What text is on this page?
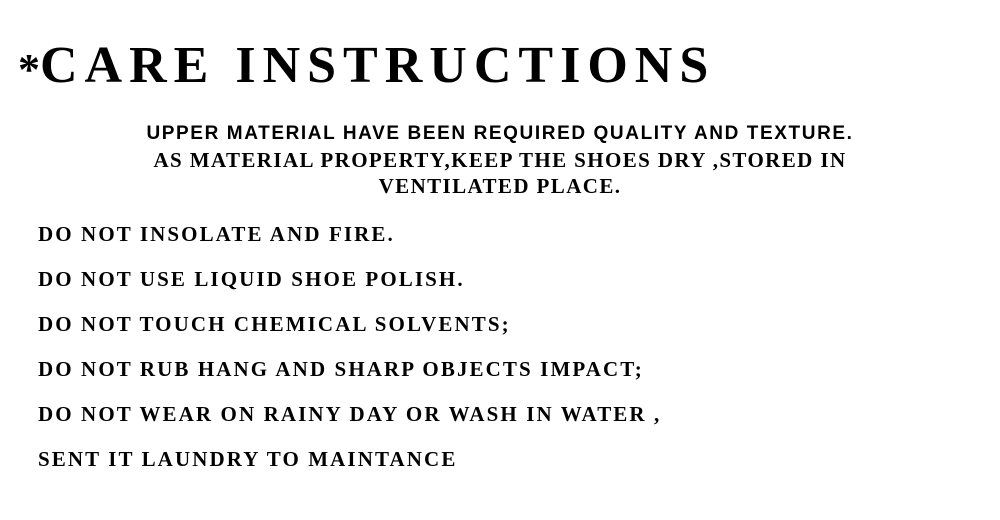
*CARE INSTRUCTIONS
UPPER MATERIAL HAVE BEEN REQUIRED QUALITY AND TEXTURE.
AS MATERIAL PROPERTY,KEEP THE SHOES DRY ,STORED IN
VENTILATED PLACE.
DO NOT INSOLATE AND FIRE.
DO NOT USE LIQUID SHOE POLISH.
DO NOT TOUCH CHEMICAL SOLVENTS;
DO NOT RUB HANG AND SHARP OBJECTS IMPACT;
DO NOT WEAR ON RAINY DAY OR WASH IN WATER ,
SENT IT LAUNDRY TO MAINTANCE
